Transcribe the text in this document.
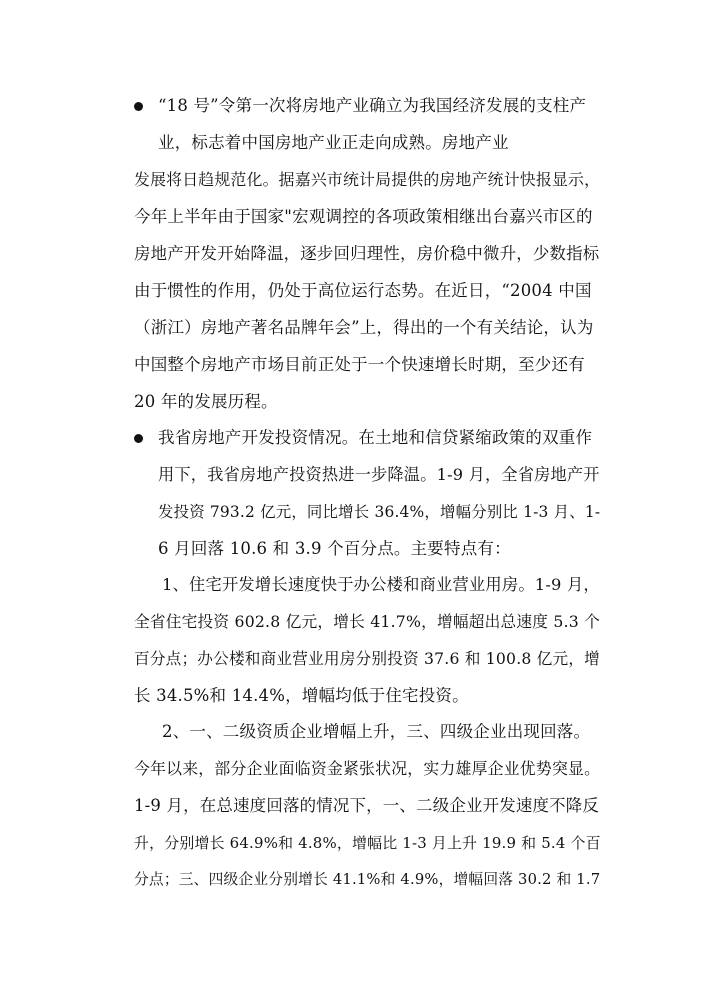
“18 号”令第一次将房地产业确立为我国经济发展的支柱产
业，标志着中国房地产业正走向成熟。房地产业
发展将日趋规范化。据嘉兴市统计局提供的房地产统计快报显示，
今年上半年由于国家"宏观调控的各项政策相继出台嘉兴市区的
房地产开发开始降温，逐步回归理性，房价稳中微升，少数指标
由于惯性的作用，仍处于高位运行态势。在近日，“2004 中国
（浙江）房地产著名品牌年会”上，得出的一个有关结论，认为
中国整个房地产市场目前正处于一个快速增长时期，至少还有
20 年的发展历程。
我省房地产开发投资情况。在土地和信贷紧缩政策的双重作
用下，我省房地产投资热进一步降温。1-9 月，全省房地产开
发投资 793.2 亿元，同比增长 36.4%，增幅分别比 1-3 月、1-
6 月回落 10.6 和 3.9 个百分点。主要特点有：
1、住宅开发增长速度快于办公楼和商业营业用房。1-9 月，
全省住宅投资 602.8 亿元，增长 41.7%，增幅超出总速度 5.3 个
百分点；办公楼和商业营业用房分别投资 37.6 和 100.8 亿元，增
长 34.5%和 14.4%，增幅均低于住宅投资。
2、一、二级资质企业增幅上升，三、四级企业出现回落。
今年以来，部分企业面临资金紧张状况，实力雄厚企业优势突显。
1-9 月，在总速度回落的情况下，一、二级企业开发速度不降反
升，分别增长 64.9%和 4.8%，增幅比 1-3 月上升 19.9 和 5.4 个百
分点；三、四级企业分别增长 41.1%和 4.9%，增幅回落 30.2 和 1.7
